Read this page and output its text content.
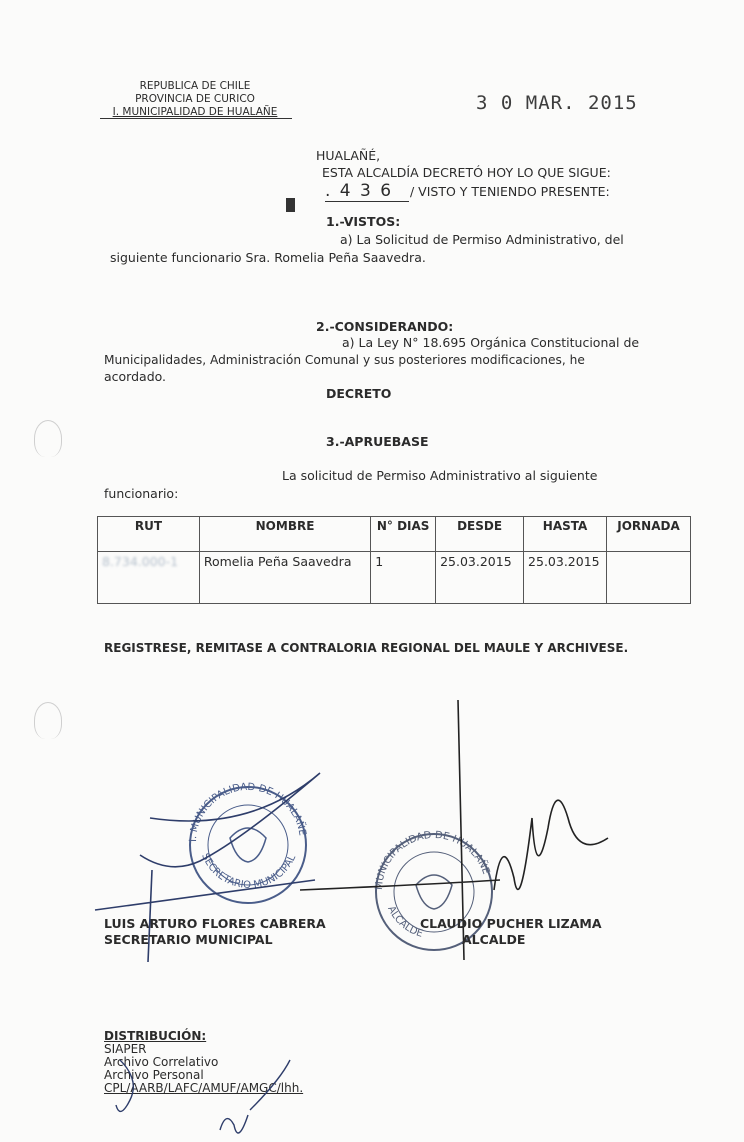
REPUBLICA DE CHILE
PROVINCIA DE CURICO
I. MUNICIPALIDAD DE HUALAÑE	3 0 MAR. 2015
HUALAÑÉ,
ESTA ALCALDÍA DECRETÓ HOY LO QUE SIGUE:
. 4 3 6	/ VISTO Y TENIENDO PRESENTE:
1.-VISTOS:
a) La Solicitud de Permiso Administrativo, del
siguiente funcionario Sra. Romelia Peña Saavedra.
2.-CONSIDERANDO:
a) La Ley N° 18.695 Orgánica Constitucional de
Municipalidades, Administración Comunal y sus posteriores modificaciones, he
acordado.
DECRETO
3.-APRUEBASE
La solicitud de Permiso Administrativo al siguiente
funcionario:
RUT	NOMBRE	N° DIAS	DESDE	HASTA	JORNADA
8.734.000-1	Romelia Peña Saavedra	1	25.03.2015	25.03.2015	
REGISTRESE, REMITASE A CONTRALORIA REGIONAL DEL MAULE Y ARCHIVESE.
I. MUNICIPALIDAD DE HUALAÑE
SECRETARIO MUNICIPAL
MUNICIPALIDAD DE HUALAÑE
ALCALDE
LUIS ARTURO FLORES CABRERA
SECRETARIO MUNICIPAL
CLAUDIO PUCHER LIZAMA
ALCALDE
DISTRIBUCIÓN:
SIAPER
Archivo Correlativo
Archivo Personal
CPL/AARB/LAFC/AMUF/AMGC/lhh.
